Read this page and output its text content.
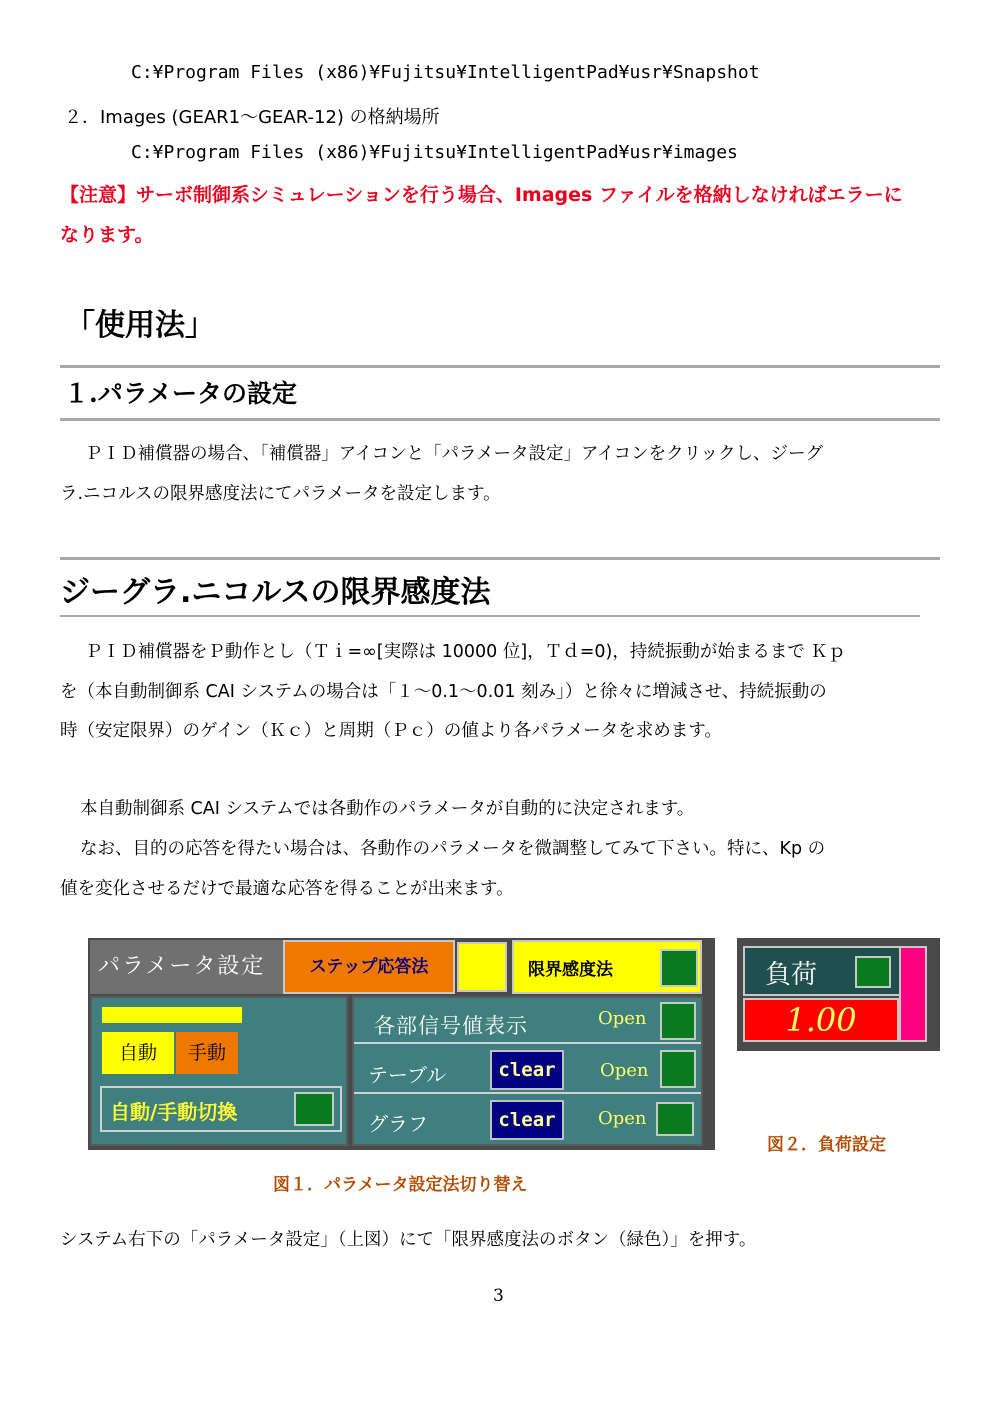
C:¥Program Files (x86)¥Fujitsu¥IntelligentPad¥usr¥Snapshot
２．Images (GEAR1～GEAR-12) の格納場所
C:¥Program Files (x86)¥Fujitsu¥IntelligentPad¥usr¥images
【注意】サーボ制御系シミュレーションを行う場合、Images ファイルを格納しなければエラーに
なります。
「使用法」
１.パラメータの設定
ＰＩＤ補償器の場合、「補償器」アイコンと「パラメータ設定」アイコンをクリックし、ジーグ
ラ.ニコルスの限界感度法にてパラメータを設定します。
ジーグラ.ニコルスの限界感度法
ＰＩＤ補償器をＰ動作とし（Ｔｉ=∞[実際は 10000 位]，Ｔｄ=0)，持続振動が始まるまで Ｋｐ
を（本自動制御系 CAI システムの場合は「１～0.1～0.01 刻み」）と徐々に増減させ、持続振動の
時（安定限界）のゲイン（Ｋｃ）と周期（Ｐｃ）の値より各パラメータを求めます。
本自動制御系 CAI システムでは各動作のパラメータが自動的に決定されます。
なお、目的の応答を得たい場合は、各動作のパラメータを微調整してみて下さい。特に、Kp の
値を変化させるだけで最適な応答を得ることが出来ます。
パラメータ設定	ステップ応答法	限界感度法
自動	手動
自動/手動切換
各部信号値表示	Open
テーブル	clear	Open
グラフ	clear	Open
図１．パラメータ設定法切り替え
負荷
1.00
図２．負荷設定
システム右下の「パラメータ設定」（上図）にて「限界感度法のボタン（緑色）」を押す。
3
